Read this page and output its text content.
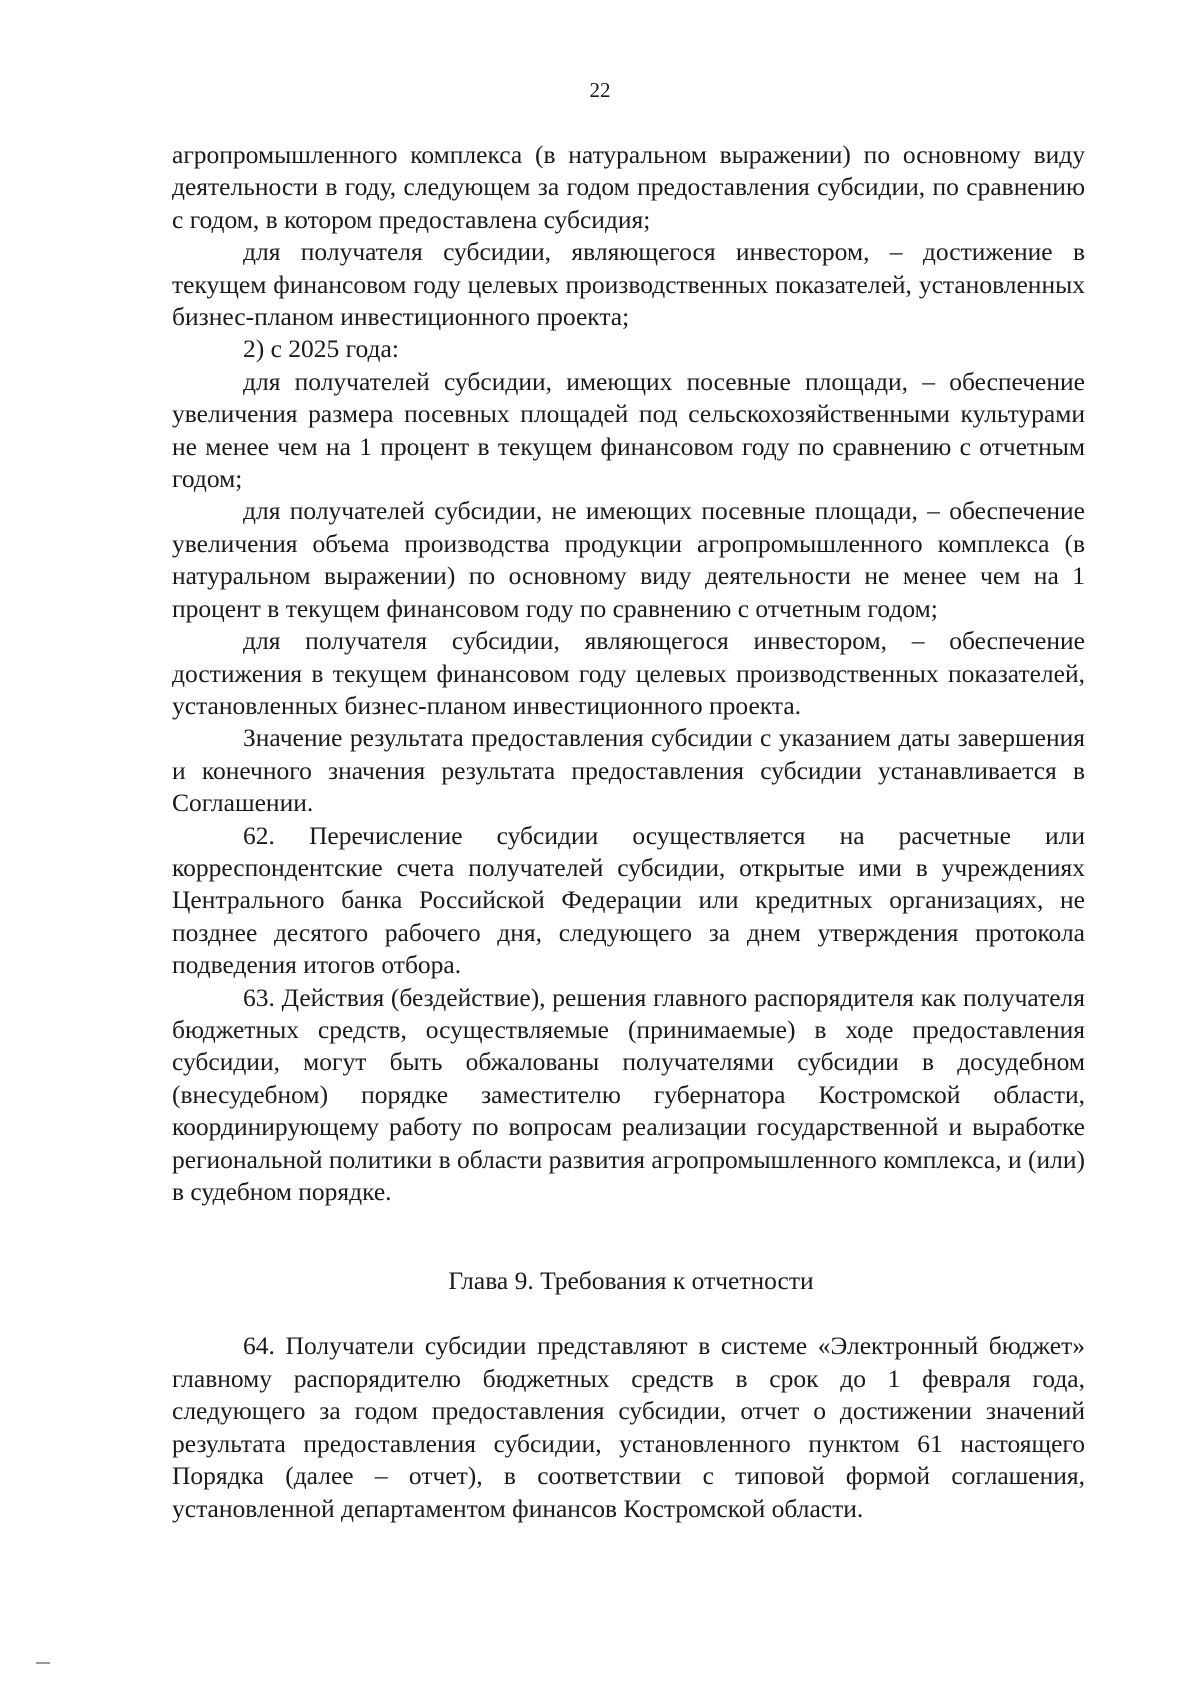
22

агропромышленного комплекса (в натуральном выражении) по основному виду деятельности в году, следующем за годом предоставления субсидии, по сравнению с годом, в котором предоставлена субсидия;

для получателя субсидии, являющегося инвестором, – достижение в текущем финансовом году целевых производственных показателей, установленных бизнес-планом инвестиционного проекта;

2) с 2025 года:

для получателей субсидии, имеющих посевные площади, – обеспечение увеличения размера посевных площадей под сельскохозяйственными культурами не менее чем на 1 процент в текущем финансовом году по сравнению с отчетным годом;

для получателей субсидии, не имеющих посевные площади, – обеспечение увеличения объема производства продукции агропромышленного комплекса (в натуральном выражении) по основному виду деятельности не менее чем на 1 процент в текущем финансовом году по сравнению с отчетным годом;

для получателя субсидии, являющегося инвестором, – обеспечение достижения в текущем финансовом году целевых производственных показателей, установленных бизнес-планом инвестиционного проекта.

Значение результата предоставления субсидии с указанием даты завершения и конечного значения результата предоставления субсидии устанавливается в Соглашении.

62. Перечисление субсидии осуществляется на расчетные или корреспондентские счета получателей субсидии, открытые ими в учреждениях Центрального банка Российской Федерации или кредитных организациях, не позднее десятого рабочего дня, следующего за днем утверждения протокола подведения итогов отбора.

63. Действия (бездействие), решения главного распорядителя как получателя бюджетных средств, осуществляемые (принимаемые) в ходе предоставления субсидии, могут быть обжалованы получателями субсидии в досудебном (внесудебном) порядке заместителю губернатора Костромской области, координирующему работу по вопросам реализации государственной и выработке региональной политики в области развития агропромышленного комплекса, и (или) в судебном порядке.

Глава 9. Требования к отчетности

64. Получатели субсидии представляют в системе «Электронный бюджет» главному распорядителю бюджетных средств в срок до 1 февраля года, следующего за годом предоставления субсидии, отчет о достижении значений результата предоставления субсидии, установленного пунктом 61 настоящего Порядка (далее – отчет), в соответствии с типовой формой соглашения, установленной департаментом финансов Костромской области.
